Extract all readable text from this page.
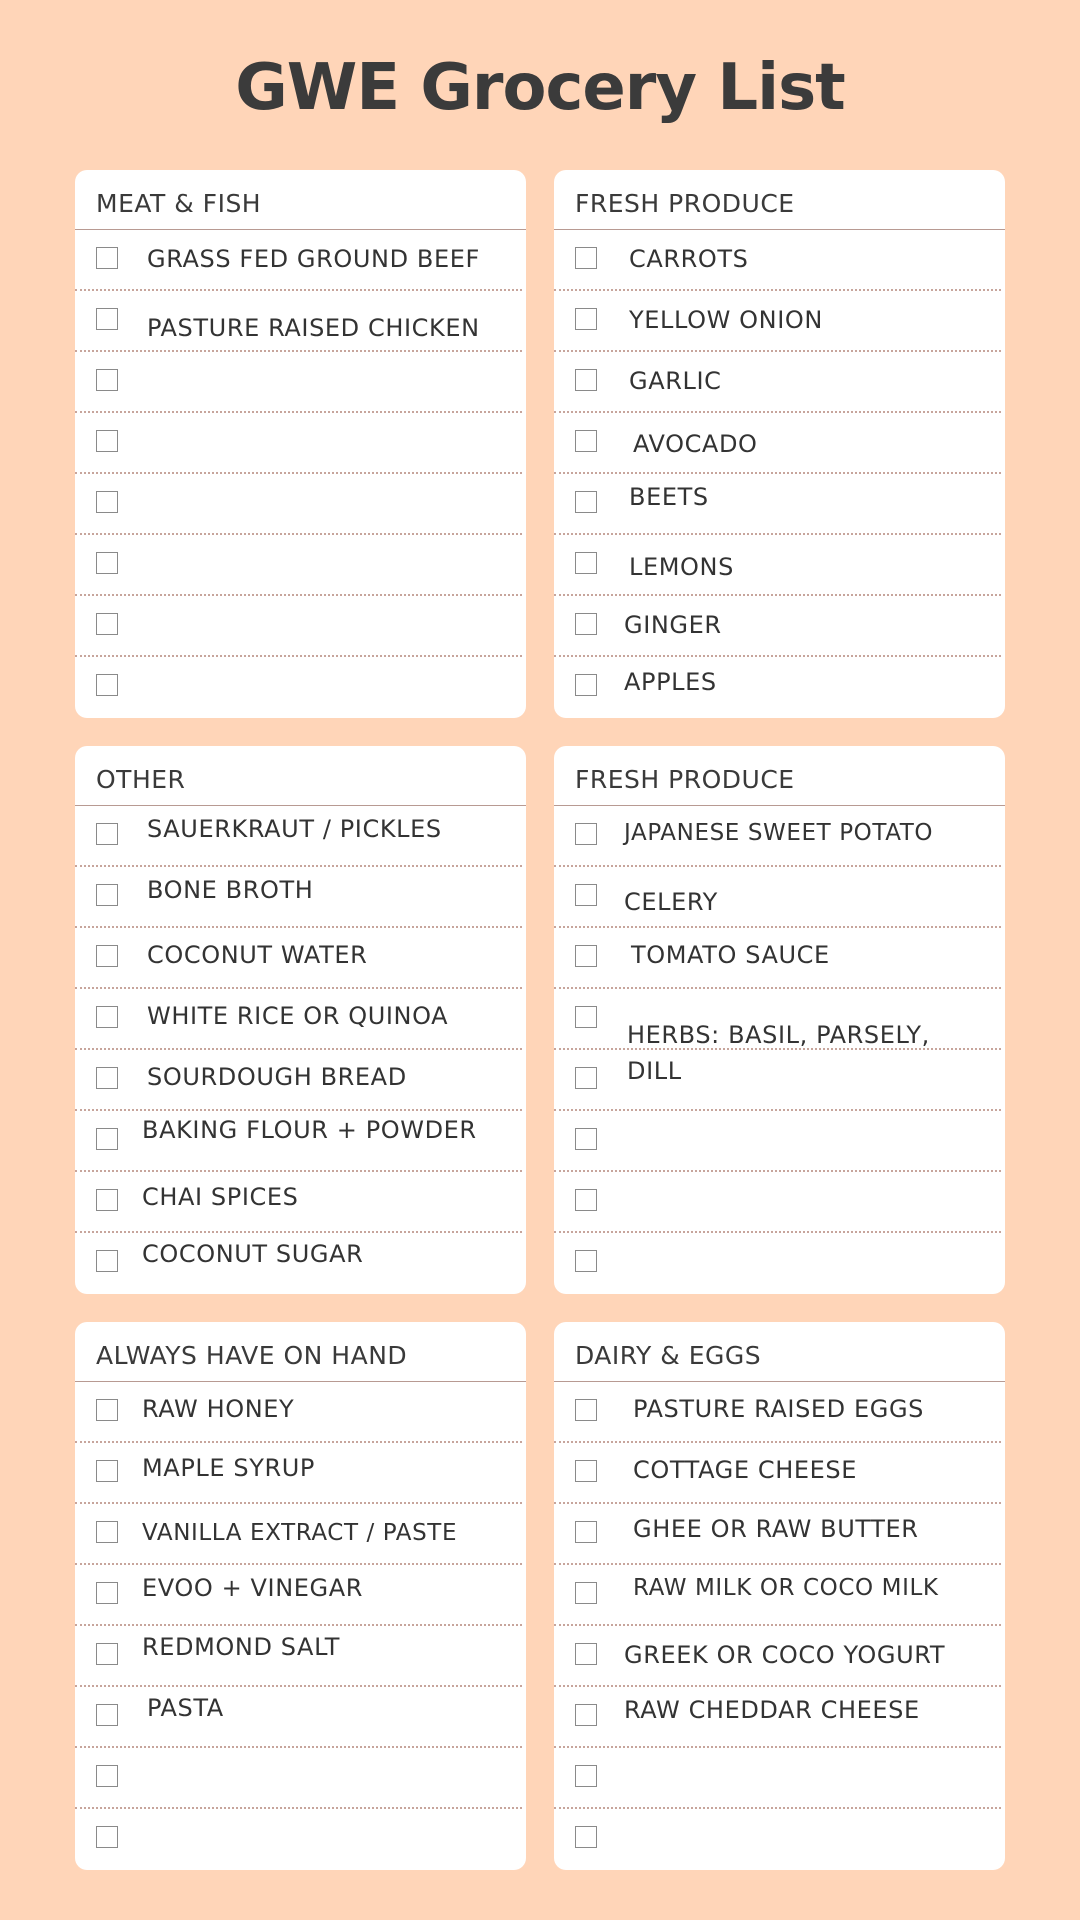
GWE Grocery List
MEAT & FISH
GRASS FED GROUND BEEF
PASTURE RAISED CHICKEN
FRESH PRODUCE
CARROTS
YELLOW ONION
GARLIC
AVOCADO
BEETS
LEMONS
GINGER
APPLES
OTHER
SAUERKRAUT / PICKLES
BONE BROTH
COCONUT WATER
WHITE RICE OR QUINOA
SOURDOUGH BREAD
BAKING FLOUR + POWDER
CHAI SPICES
COCONUT SUGAR
FRESH PRODUCE
JAPANESE SWEET POTATO
CELERY
TOMATO SAUCE
HERBS: BASIL, PARSELY, DILL
ALWAYS HAVE ON HAND
RAW HONEY
MAPLE SYRUP
VANILLA EXTRACT / PASTE
EVOO + VINEGAR
REDMOND SALT
PASTA
DAIRY & EGGS
PASTURE RAISED EGGS
COTTAGE CHEESE
GHEE OR RAW BUTTER
RAW MILK OR COCO MILK
GREEK OR COCO YOGURT
RAW CHEDDAR CHEESE
